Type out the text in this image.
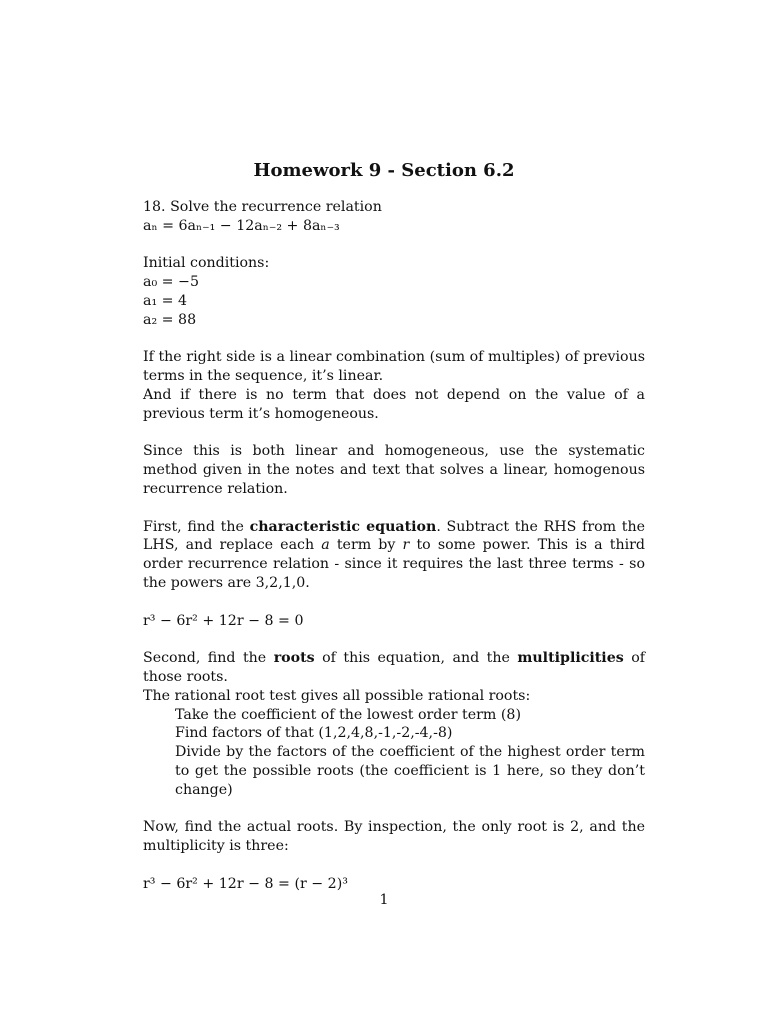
Homework 9 - Section 6.2

18. Solve the recurrence relation
aₙ = 6aₙ₋₁ − 12aₙ₋₂ + 8aₙ₋₃

Initial conditions:
a₀ = −5
a₁ = 4
a₂ = 88

If the right side is a linear combination (sum of multiples) of previous terms in the sequence, it’s linear.
And if there is no term that does not depend on the value of a previous term it’s homogeneous.

Since this is both linear and homogeneous, use the systematic method given in the notes and text that solves a linear, homogenous recurrence relation.

First, find the characteristic equation. Subtract the RHS from the LHS, and replace each a term by r to some power. This is a third order recurrence relation - since it requires the last three terms - so the powers are 3,2,1,0.

r³ − 6r² + 12r − 8 = 0

Second, find the roots of this equation, and the multiplicities of those roots.
The rational root test gives all possible rational roots:
Take the coefficient of the lowest order term (8)
Find factors of that (1,2,4,8,-1,-2,-4,-8)
Divide by the factors of the coefficient of the highest order term to get the possible roots (the coefficient is 1 here, so they don’t change)

Now, find the actual roots. By inspection, the only root is 2, and the multiplicity is three:

r³ − 6r² + 12r − 8 = (r − 2)³

1
